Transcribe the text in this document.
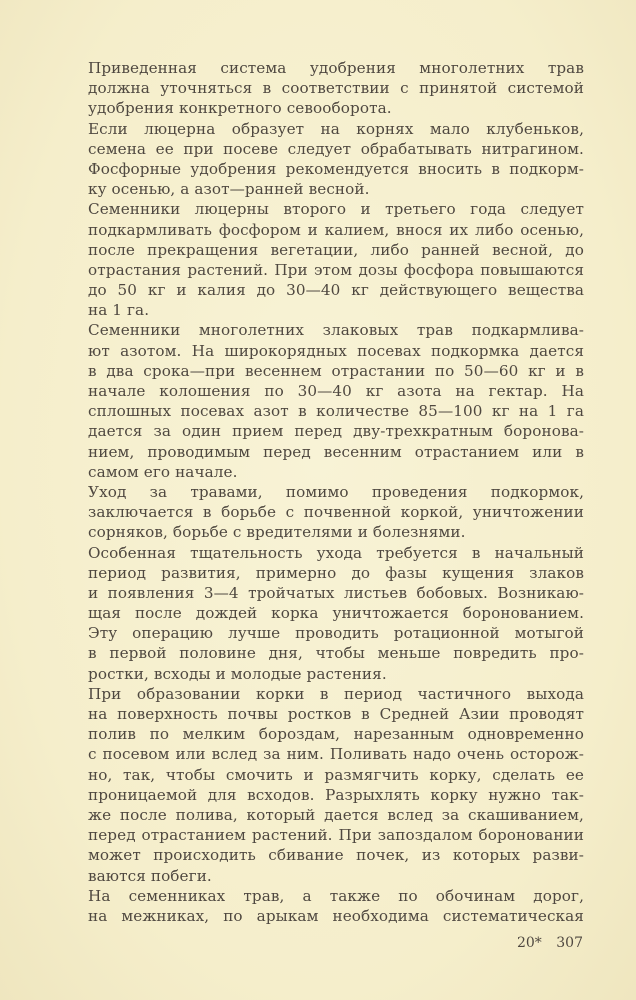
Приведенная система удобрения многолетних трав
должна уточняться в соответствии с принятой системой
удобрения конкретного севооборота.
Если люцерна образует на корнях мало клубеньков,
семена ее при посеве следует обрабатывать нитрагином.
Фосфорные удобрения рекомендуется вносить в подкорм-
ку осенью, а азот—ранней весной.
Семенники люцерны второго и третьего года следует
подкармливать фосфором и калием, внося их либо осенью,
после прекращения вегетации, либо ранней весной, до
отрастания растений. При этом дозы фосфора повышаются
до 50 кг и калия до 30—40 кг действующего вещества
на 1 га.
Семенники многолетних злаковых трав подкармлива-
ют азотом. На широкорядных посевах подкормка дается
в два срока—при весеннем отрастании по 50—60 кг и в
начале колошения по 30—40 кг азота на гектар. На
сплошных посевах азот в количестве 85—100 кг на 1 га
дается за один прием перед дву-трехкратным боронова-
нием, проводимым перед весенним отрастанием или в
самом его начале.
Уход за травами, помимо проведения подкормок,
заключается в борьбе с почвенной коркой, уничтожении
сорняков, борьбе с вредителями и болезнями.
Особенная тщательность ухода требуется в начальный
период развития, примерно до фазы кущения злаков
и появления 3—4 тройчатых листьев бобовых. Возникаю-
щая после дождей корка уничтожается боронованием.
Эту операцию лучше проводить ротационной мотыгой
в первой половине дня, чтобы меньше повредить про-
ростки, всходы и молодые растения.
При образовании корки в период частичного выхода
на поверхность почвы ростков в Средней Азии проводят
полив по мелким бороздам, нарезанным одновременно
с посевом или вслед за ним. Поливать надо очень осторож-
но, так, чтобы смочить и размягчить корку, сделать ее
проницаемой для всходов. Разрыхлять корку нужно так-
же после полива, который дается вслед за скашиванием,
перед отрастанием растений. При запоздалом бороновании
может происходить сбивание почек, из которых разви-
ваются побеги.
На семенниках трав, а также по обочинам дорог,
на межниках, по арыкам необходима систематическая
20* 307
